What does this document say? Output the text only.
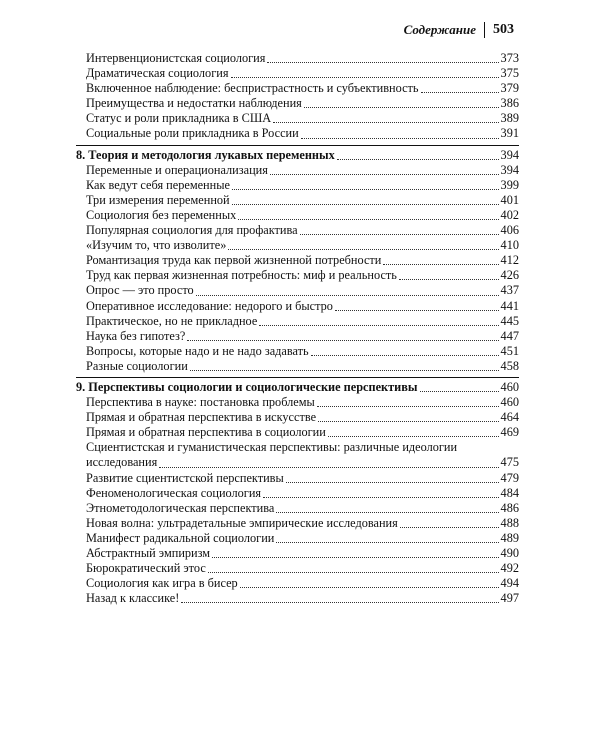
Содержание 503
Интервенционистская социология	373
Драматическая социология	375
Включенное наблюдение: беспристрастность и субъективность	379
Преимущества и недостатки наблюдения	386
Статус и роли прикладника в США	389
Социальные роли прикладника в России	391
8. Теория и методология лукавых переменных	394
Переменные и операционализация	394
Как ведут себя переменные	399
Три измерения переменной	401
Социология без переменных	402
Популярная социология для профактива	406
«Изучим то, что изволите»	410
Романтизация труда как первой жизненной потребности	412
Труд как первая жизненная потребность: миф и реальность	426
Опрос — это просто	437
Оперативное исследование: недорого и быстро	441
Практическое, но не прикладное	445
Наука без гипотез?	447
Вопросы, которые надо и не надо задавать	451
Разные социологии	458
9. Перспективы социологии и социологические перспективы	460
Перспектива в науке: постановка проблемы	460
Прямая и обратная перспектива в искусстве	464
Прямая и обратная перспектива в социологии	469
Сциентистская и гуманистическая перспективы: различные идеологии
исследования	475
Развитие сциентистской перспективы	479
Феноменологическая социология	484
Этнометодологическая перспектива	486
Новая волна: ультрадетальные эмпирические исследования	488
Манифест радикальной социологии	489
Абстрактный эмпиризм	490
Бюрократический этос	492
Социология как игра в бисер	494
Назад к классике!	497
